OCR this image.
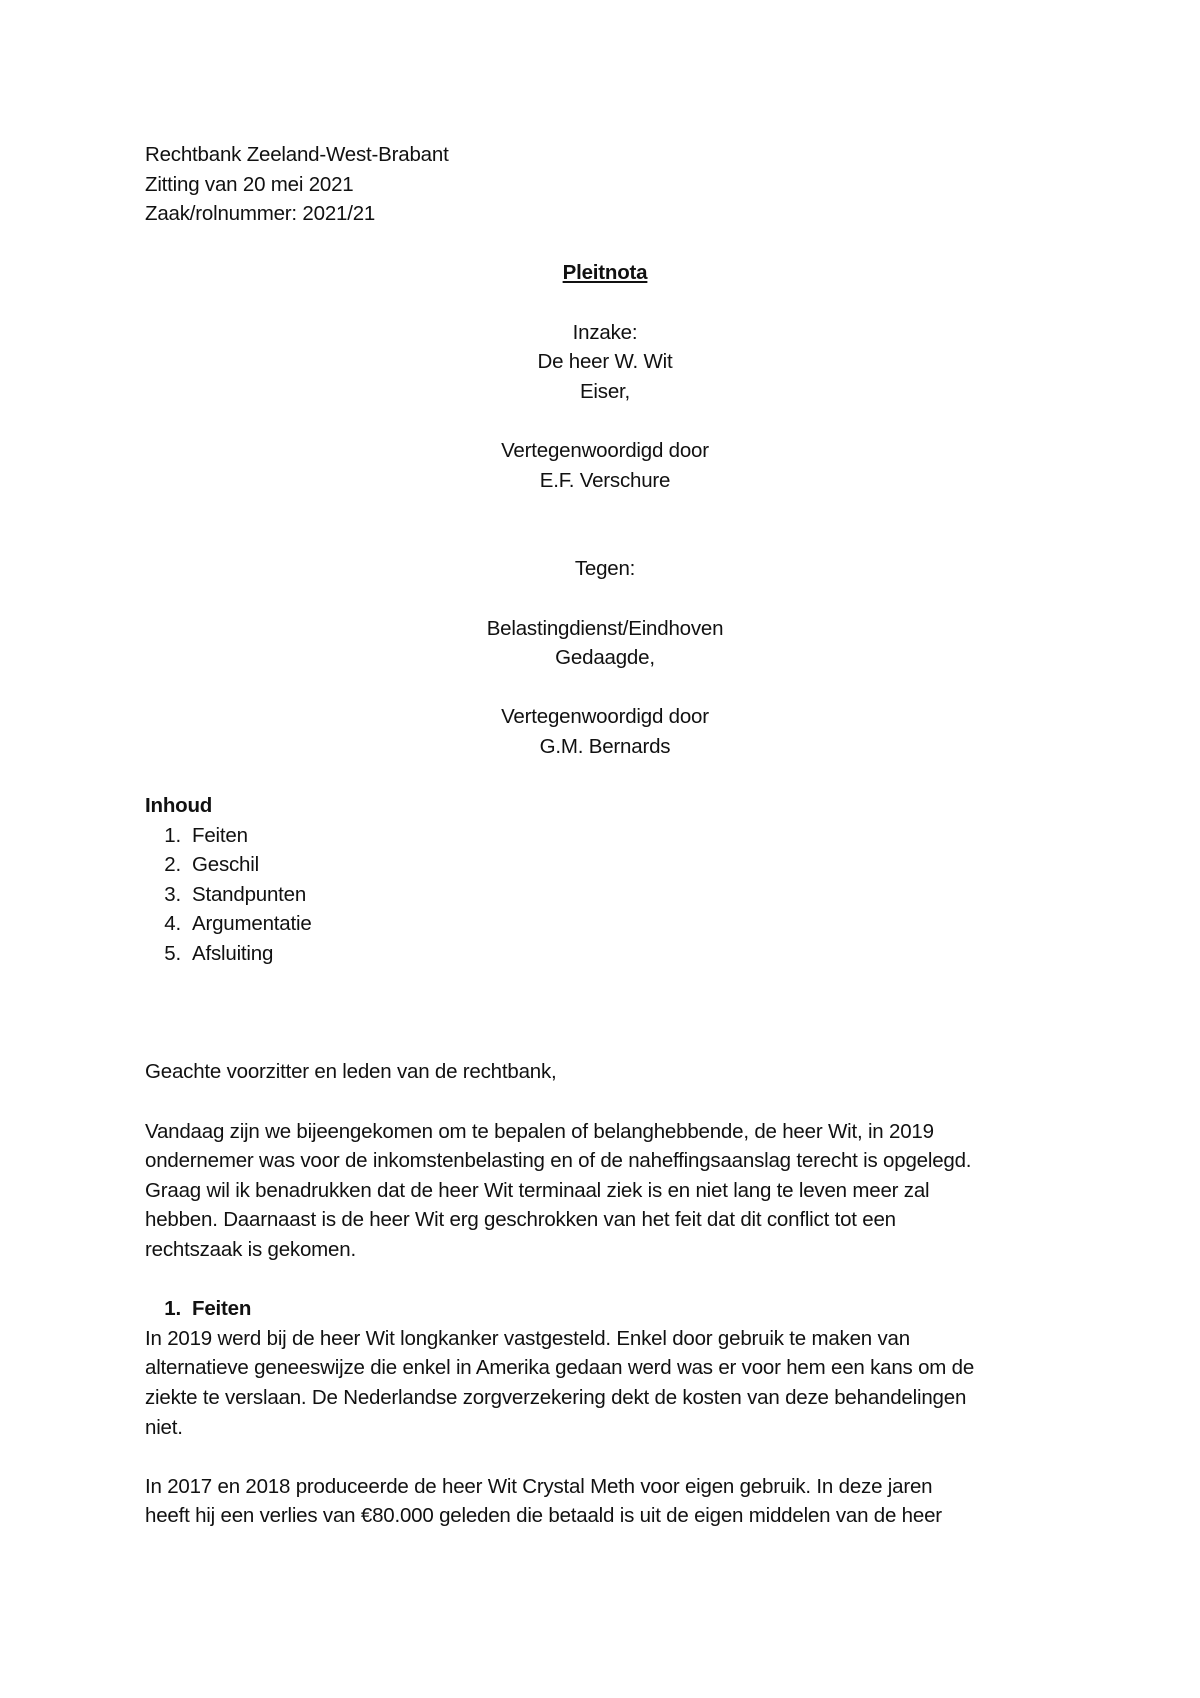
Rechtbank Zeeland-West-Brabant
Zitting van 20 mei 2021
Zaak/rolnummer: 2021/21
Pleitnota
Inzake:
De heer W. Wit
Eiser,
Vertegenwoordigd door
E.F. Verschure
Tegen:
Belastingdienst/Eindhoven
Gedaagde,
Vertegenwoordigd door
G.M. Bernards
Inhoud
1. Feiten
2. Geschil
3. Standpunten
4. Argumentatie
5. Afsluiting
Geachte voorzitter en leden van de rechtbank,
Vandaag zijn we bijeengekomen om te bepalen of belanghebbende, de heer Wit, in 2019
ondernemer was voor de inkomstenbelasting en of de naheffingsaanslag terecht is opgelegd.
Graag wil ik benadrukken dat de heer Wit terminaal ziek is en niet lang te leven meer zal
hebben. Daarnaast is de heer Wit erg geschrokken van het feit dat dit conflict tot een
rechtszaak is gekomen.
1. Feiten
In 2019 werd bij de heer Wit longkanker vastgesteld. Enkel door gebruik te maken van
alternatieve geneeswijze die enkel in Amerika gedaan werd was er voor hem een kans om de
ziekte te verslaan. De Nederlandse zorgverzekering dekt de kosten van deze behandelingen
niet.
In 2017 en 2018 produceerde de heer Wit Crystal Meth voor eigen gebruik. In deze jaren
heeft hij een verlies van €80.000 geleden die betaald is uit de eigen middelen van de heer
